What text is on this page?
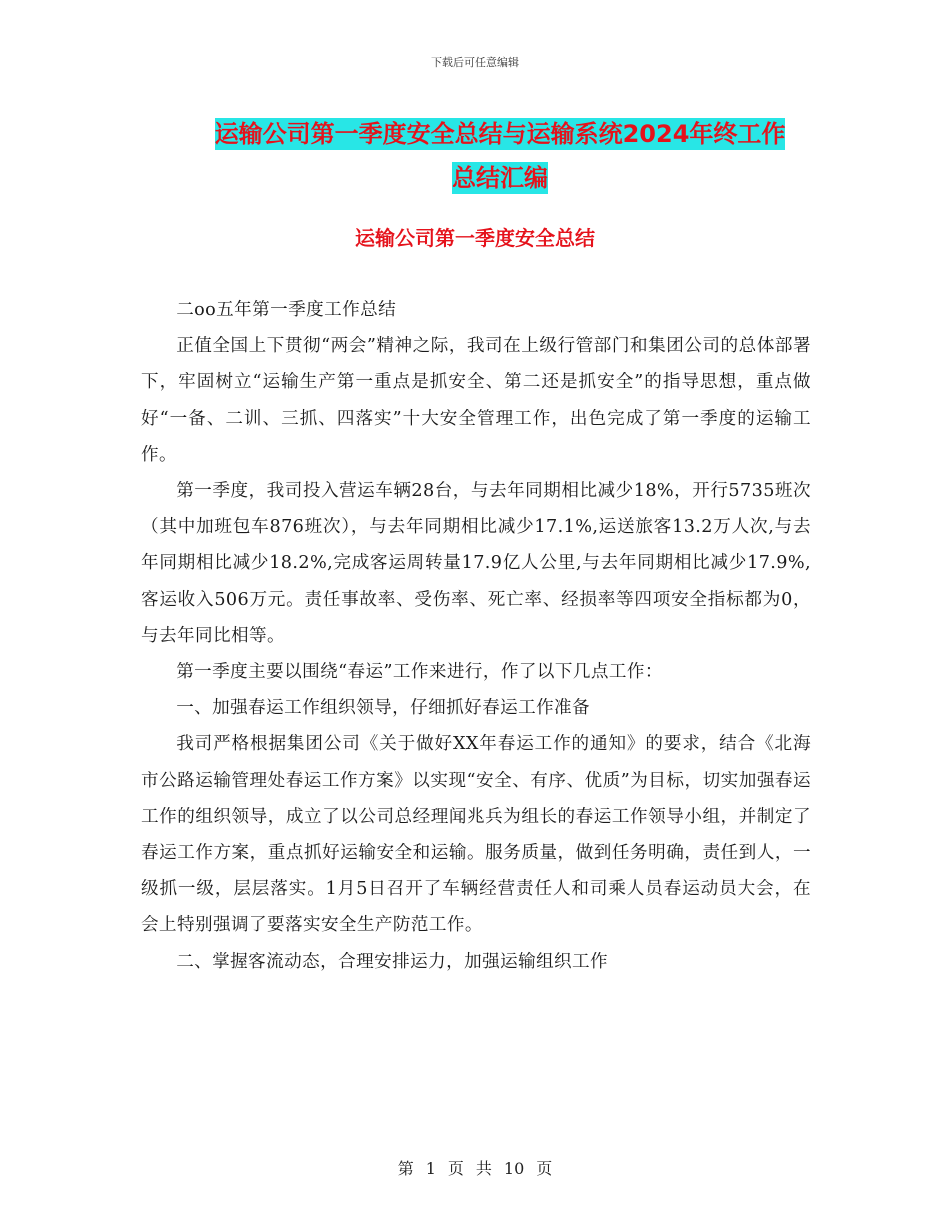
下载后可任意编辑
运输公司第一季度安全总结与运输系统2024年终工作
总结汇编
运输公司第一季度安全总结

二oo五年第一季度工作总结

正值全国上下贯彻“两会”精神之际，我司在上级行管部门和集团公司的总体部署下，牢固树立“运输生产第一重点是抓安全、第二还是抓安全”的指导思想，重点做好“一备、二训、三抓、四落实”十大安全管理工作，出色完成了第一季度的运输工作。

第一季度，我司投入营运车辆28台，与去年同期相比减少18%，开行5735班次（其中加班包车876班次），与去年同期相比减少17.1%,运送旅客13.2万人次,与去年同期相比减少18.2%,完成客运周转量17.9亿人公里,与去年同期相比减少17.9%,客运收入506万元。责任事故率、受伤率、死亡率、经损率等四项安全指标都为0，与去年同比相等。

第一季度主要以围绕“春运”工作来进行，作了以下几点工作：

一、加强春运工作组织领导，仔细抓好春运工作准备

我司严格根据集团公司《关于做好XX年春运工作的通知》的要求，结合《北海市公路运输管理处春运工作方案》以实现“安全、有序、优质”为目标，切实加强春运工作的组织领导，成立了以公司总经理闻兆兵为组长的春运工作领导小组，并制定了春运工作方案，重点抓好运输安全和运输。服务质量，做到任务明确，责任到人，一级抓一级，层层落实。1月5日召开了车辆经营责任人和司乘人员春运动员大会，在会上特别强调了要落实安全生产防范工作。

二、掌握客流动态，合理安排运力，加强运输组织工作

第 1 页 共 10 页
